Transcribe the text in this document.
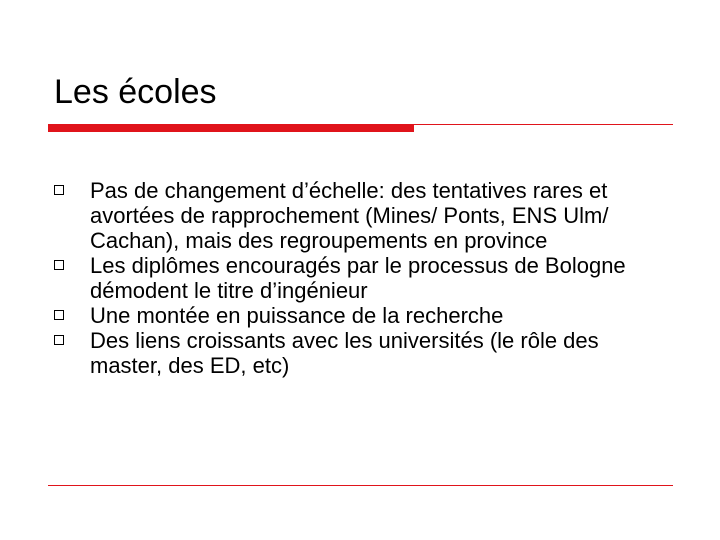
Les écoles
Pas de changement d’échelle: des tentatives rares et avortées de rapprochement (Mines/ Ponts, ENS Ulm/ Cachan), mais des regroupements en province
Les diplômes encouragés par le processus de Bologne démodent le titre d’ingénieur
Une montée en puissance de la recherche
Des liens croissants avec les universités (le rôle des master, des ED, etc)
